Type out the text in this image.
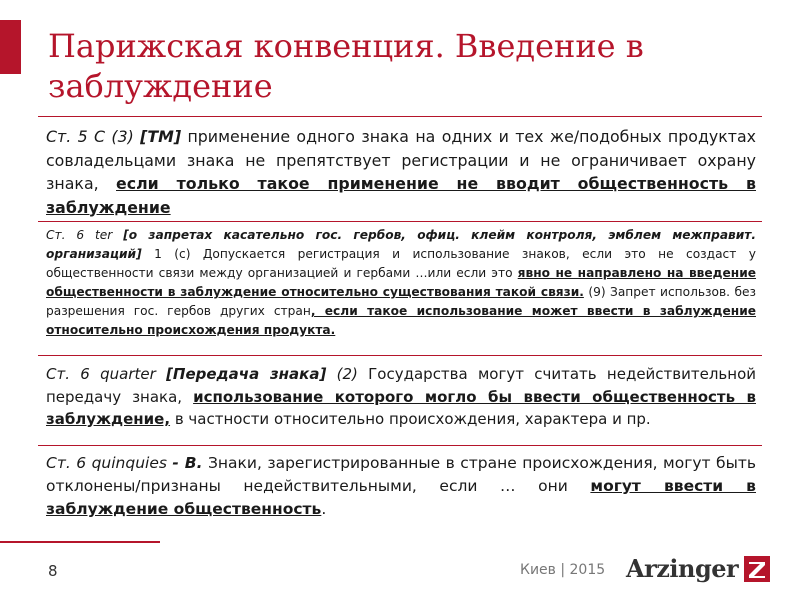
Парижская конвенция. Введение в заблуждение
Ст. 5 С (3) [TM] применение одного знака на одних и тех же/подобных продуктах совладельцами знака не препятствует регистрации и не ограничивает охрану знака, если только такое применение не вводит общественность в заблуждение
Ст. 6 ter [о запретах касательно гос. гербов, офиц. клейм контроля, эмблем межправит. организаций] 1 (с) Допускается регистрация и использование знаков, если это не создаст у общественности связи между организацией и гербами …или если это явно не направлено на введение общественности в заблуждение относительно существования такой связи. (9) Запрет использов. без разрешения гос. гербов других стран, если такое использование может ввести в заблуждение относительно происхождения продукта.
Ст. 6 quarter [Передача знака] (2) Государства могут считать недействительной передачу знака, использование которого могло бы ввести общественность в заблуждение, в частности относительно происхождения, характера и пр.
Ст. 6 quinquies - B. Знаки, зарегистрированные в стране происхождения, могут быть отклонены/признаны недействительными, если … они могут ввести в заблуждение общественность.
8	Киев | 2015 Arzinger
